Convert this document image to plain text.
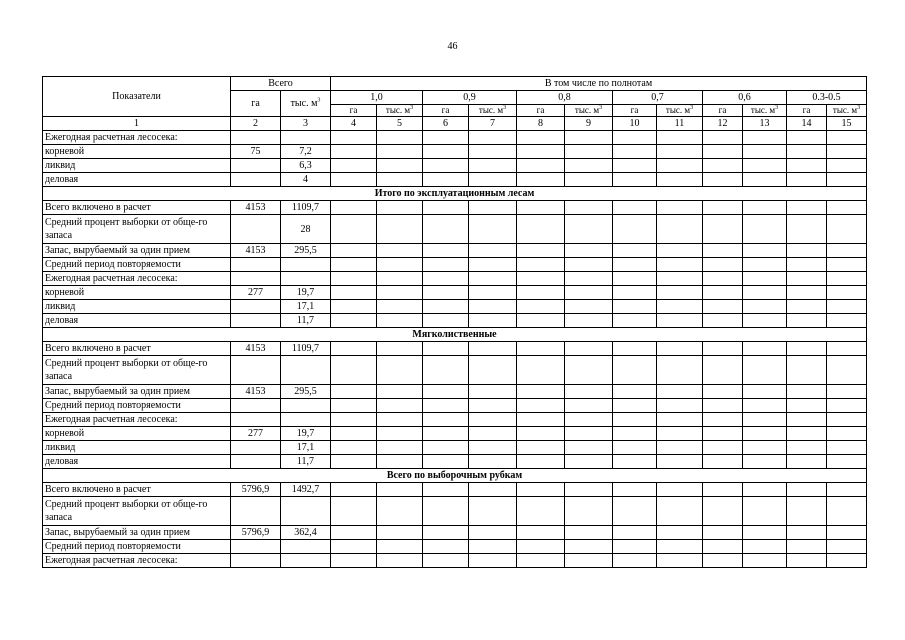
46
Показатели	Всего		В том числе по полнотам											
	га	тыс. $м^3$	1,0		0,9		0,8		0,7		0,6		0.3-0.5	
			га	тыс. $м^3$	га	тыс. $м^3$	га	тыс. $м^3$	га	тыс. $м^3$	га	тыс. $м^3$	га	тыс. $м^3$
1	2	3	4	5	6	7	8	9	10	11	12	13	14	15
Ежегодная расчетная лесосека:														
корневой	75	7,2												
ликвид		6,3												
деловая		4												
Итого по эксплуатационным лесам														
Всего включено в расчет	4153	1109,7												
Средний процент выборки от обще-го запаса		28												
Запас, вырубаемый за один прием	4153	295,5												
Средний период повторяемости														
Ежегодная расчетная лесосека:														
корневой	277	19,7												
ликвид		17,1												
деловая		11,7												
Мягколиственные														
Всего включено в расчет	4153	1109,7												
Средний процент выборки от обще-го запаса														
Запас, вырубаемый за один прием	4153	295,5												
Средний период повторяемости														
Ежегодная расчетная лесосека:														
корневой	277	19,7												
ликвид		17,1												
деловая		11,7												
Всего по выборочным рубкам														
Всего включено в расчет	5796,9	1492,7												
Средний процент выборки от обще-го запаса														
Запас, вырубаемый за один прием	5796,9	362,4												
Средний период повторяемости														
Ежегодная расчетная лесосека:														
